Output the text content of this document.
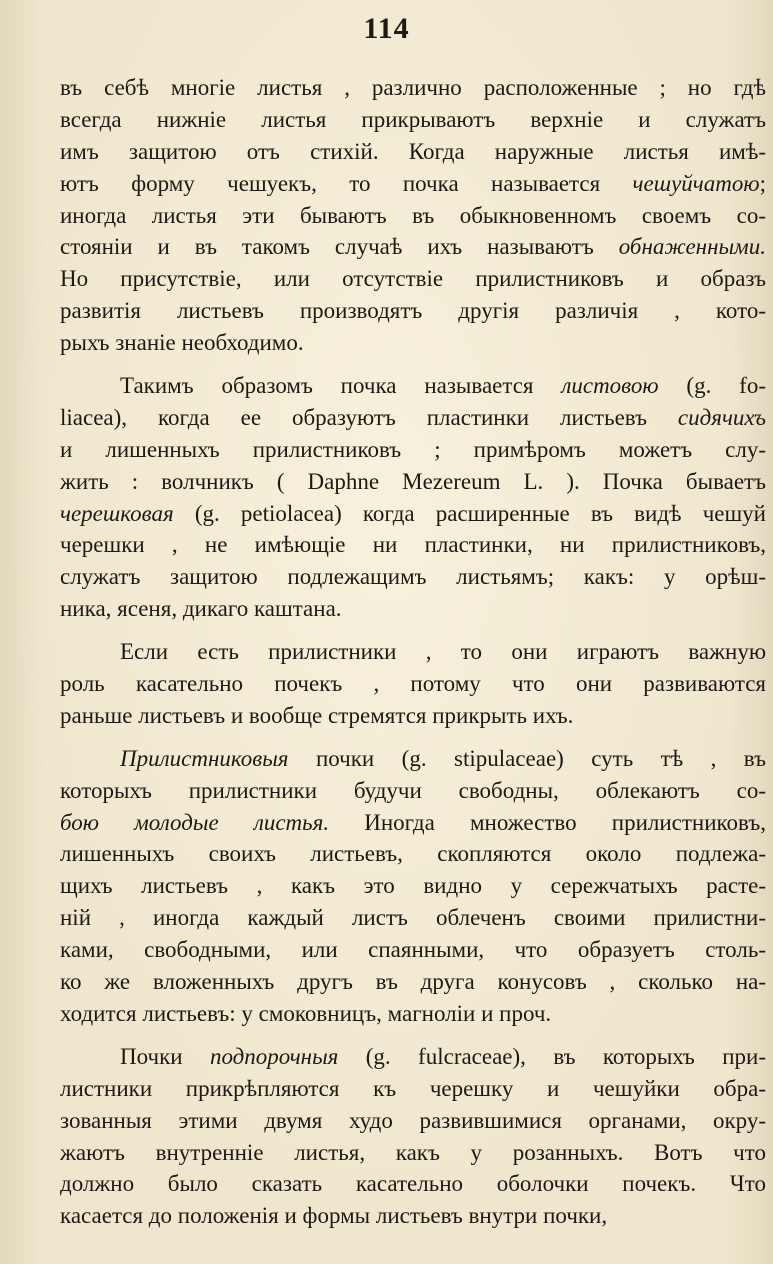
114
въ себѣ многіе листья , различно расположенные ; но гдѣ
всегда нижніе листья прикрываютъ верхніе и служатъ
имъ защитою отъ стихій. Когда наружные листья имѣ-
ютъ форму чешуекъ, то почка называется чешуйчатою;
иногда листья эти бываютъ въ обыкновенномъ своемъ со-
стояніи и въ такомъ случаѣ ихъ называютъ обнаженными.
Но присутствіе, или отсутствіе прилистниковъ и образъ
развитія листьевъ производятъ другія различія , кото-
рыхъ знаніе необходимо.
Такимъ образомъ почка называется листовою (g. fo-
liacea), когда ее образуютъ пластинки листьевъ сидячихъ
и лишенныхъ прилистниковъ ; примѣромъ можетъ слу-
жить : волчникъ ( Daphne Mezereum L. ). Почка бываетъ
черешковая (g. petiolacea) когда расширенные въ видѣ чешуй
черешки , не имѣющіе ни пластинки, ни прилистниковъ,
служатъ защитою подлежащимъ листьямъ; какъ: у орѣш-
ника, ясеня, дикаго каштана.
Если есть прилистники , то они играютъ важную
роль касательно почекъ , потому что они развиваются
раньше листьевъ и вообще стремятся прикрыть ихъ.
Прилистниковыя почки (g. stipulaceae) суть тѣ , въ
которыхъ прилистники будучи свободны, облекаютъ со-
бою молодые листья. Иногда множество прилистниковъ,
лишенныхъ своихъ листьевъ, скопляются около подлежа-
щихъ листьевъ , какъ это видно у сережчатыхъ расте-
ній , иногда каждый листъ облеченъ своими прилистни-
ками, свободными, или спаянными, что образуетъ столь-
ко же вложенныхъ другъ въ друга конусовъ , сколько на-
ходится листьевъ: у смоковницъ, магноліи и проч.
Почки подпорочныя (g. fulcraceae), въ которыхъ при-
листники прикрѣпляются къ черешку и чешуйки обра-
зованныя этими двумя худо развившимися органами, окру-
жаютъ внутренніе листья, какъ у розанныхъ. Вотъ что
должно было сказать касательно оболочки почекъ. Что
касается до положенія и формы листьевъ внутри почки,
